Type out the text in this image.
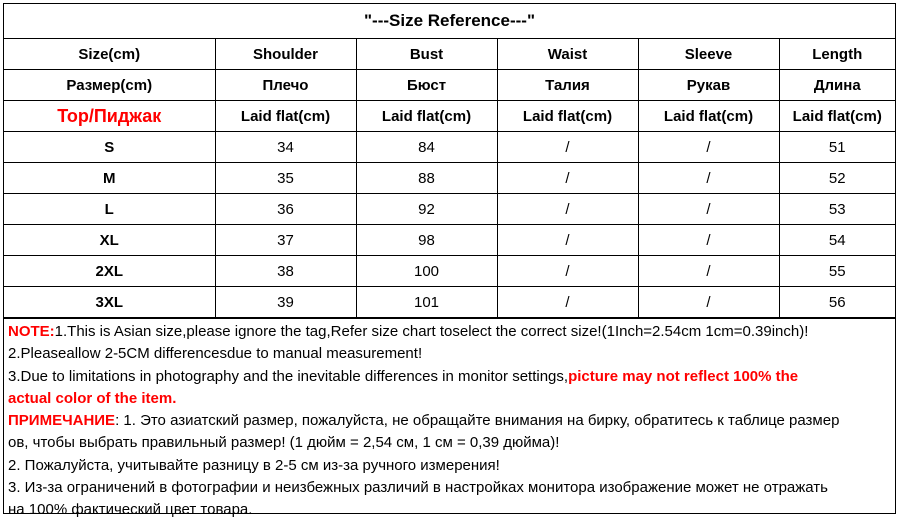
"---Size Reference---"
Size(cm)	Shoulder	Bust	Waist	Sleeve	Length
Размер(cm)	Плечо	Бюст	Талия	Рукав	Длина
Top/Пиджак	Laid flat(cm)	Laid flat(cm)	Laid flat(cm)	Laid flat(cm)	Laid flat(cm)
S	34	84	/	/	51
M	35	88	/	/	52
L	36	92	/	/	53
XL	37	98	/	/	54
2XL	38	100	/	/	55
3XL	39	101	/	/	56
NOTE:1.This is Asian size,please ignore the tag,Refer size chart toselect the correct size!(1Inch=2.54cm 1cm=0.39inch)!
2.Pleaseallow 2-5CM differencesdue to manual measurement!
3.Due to limitations in photography and the inevitable differences in monitor settings,picture may not reflect 100% the
actual color of the item.
ПРИМЕЧАНИЕ: 1. Это азиатский размер, пожалуйста, не обращайте внимания на бирку, обратитесь к таблице размер
ов, чтобы выбрать правильный размер! (1 дюйм = 2,54 см, 1 см = 0,39 дюйма)!
2. Пожалуйста, учитывайте разницу в 2-5 см из-за ручного измерения!
3. Из-за ограничений в фотографии и неизбежных различий в настройках монитора изображение может не отражать
на 100% фактический цвет товара.
